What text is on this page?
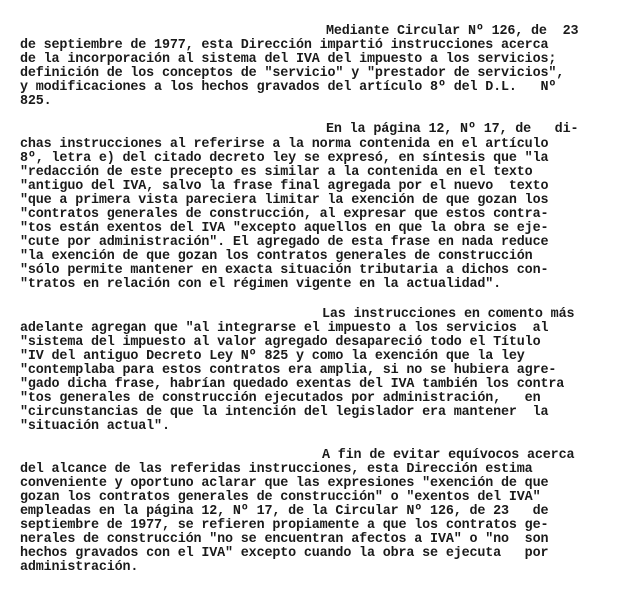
Mediante Circular Nº 126, de  23
de septiembre de 1977, esta Dirección impartió instrucciones acerca
de la incorporación al sistema del IVA del impuesto a los servicios;
definición de los conceptos de "servicio" y "prestador de servicios",
y modificaciones a los hechos gravados del artículo 8º del D.L.   Nº
825.
En la página 12, Nº 17, de   di-
chas instrucciones al referirse a la norma contenida en el artículo
8º, letra e) del citado decreto ley se expresó, en síntesis que "la
"redacción de este precepto es similar a la contenida en el texto
"antiguo del IVA, salvo la frase final agregada por el nuevo  texto
"que a primera vista pareciera limitar la exención de que gozan los
"contratos generales de construcción, al expresar que estos contra-
"tos están exentos del IVA "excepto aquellos en que la obra se eje-
"cute por administración". El agregado de esta frase en nada reduce
"la exención de que gozan los contratos generales de construcción
"sólo permite mantener en exacta situación tributaria a dichos con-
"tratos en relación con el régimen vigente en la actualidad".
Las instrucciones en comento más
adelante agregan que "al integrarse el impuesto a los servicios  al
"sistema del impuesto al valor agregado desapareció todo el Título
"IV del antiguo Decreto Ley Nº 825 y como la exención que la ley
"contemplaba para estos contratos era amplia, si no se hubiera agre-
"gado dicha frase, habrían quedado exentas del IVA también los contra
"tos generales de construcción ejecutados por administración,   en
"circunstancias de que la intención del legislador era mantener  la
"situación actual".
A fin de evitar equívocos acerca
del alcance de las referidas instrucciones, esta Dirección estima
conveniente y oportuno aclarar que las expresiones "exención de que
gozan los contratos generales de construcción" o "exentos del IVA"
empleadas en la página 12, Nº 17, de la Circular Nº 126, de 23   de
septiembre de 1977, se refieren propiamente a que los contratos ge-
nerales de construcción "no se encuentran afectos a IVA" o "no  son
hechos gravados con el IVA" excepto cuando la obra se ejecuta   por
administración.
